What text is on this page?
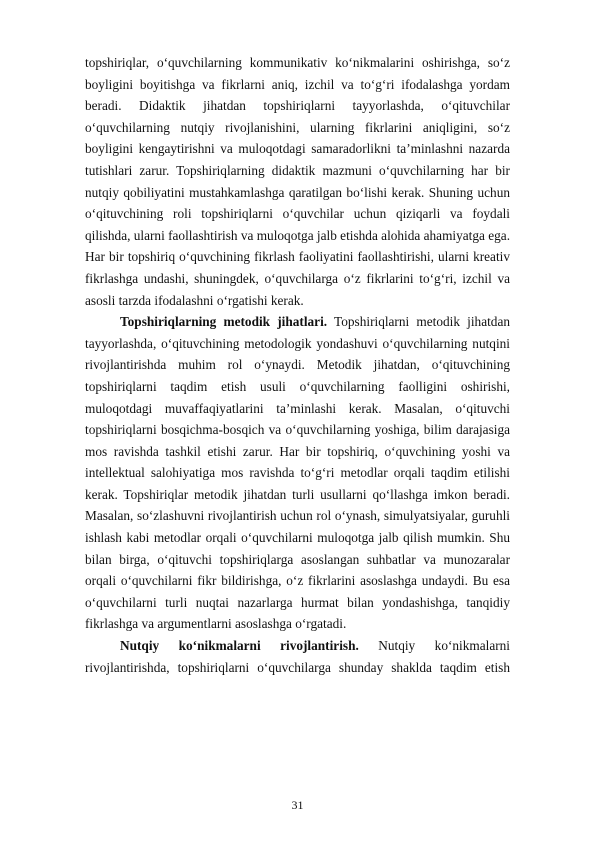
topshiriqlar, o‘quvchilarning kommunikativ ko‘nikmalarini oshirishga, so‘z boyligini boyitishga va fikrlarni aniq, izchil va to‘g‘ri ifodalashga yordam beradi. Didaktik jihatdan topshiriqlarni tayyorlashda, o‘qituvchilar o‘quvchilarning nutqiy rivojlanishini, ularning fikrlarini aniqligini, so‘z boyligini kengaytirishni va muloqotdagi samaradorlikni ta’minlashni nazarda tutishlari zarur. Topshiriqlarning didaktik mazmuni o‘quvchilarning har bir nutqiy qobiliyatini mustahkamlashga qaratilgan bo‘lishi kerak. Shuning uchun o‘qituvchining roli topshiriqlarni o‘quvchilar uchun qiziqarli va foydali qilishda, ularni faollashtirish va muloqotga jalb etishda alohida ahamiyatga ega. Har bir topshiriq o‘quvchining fikrlash faoliyatini faollashtirishi, ularni kreativ fikrlashga undashi, shuningdek, o‘quvchilarga o‘z fikrlarini to‘g‘ri, izchil va asosli tarzda ifodalashni o‘rgatishi kerak.

Topshiriqlarning metodik jihatlari. Topshiriqlarni metodik jihatdan tayyorlashda, o‘qituvchining metodologik yondashuvi o‘quvchilarning nutqini rivojlantirishda muhim rol o‘ynaydi. Metodik jihatdan, o‘qituvchining topshiriqlarni taqdim etish usuli o‘quvchilarning faolligini oshirishi, muloqotdagi muvaffaqiyatlarini ta’minlashi kerak. Masalan, o‘qituvchi topshiriqlarni bosqichma-bosqich va o‘quvchilarning yoshiga, bilim darajasiga mos ravishda tashkil etishi zarur. Har bir topshiriq, o‘quvchining yoshi va intellektual salohiyatiga mos ravishda to‘g‘ri metodlar orqali taqdim etilishi kerak. Topshiriqlar metodik jihatdan turli usullarni qo‘llashga imkon beradi. Masalan, so‘zlashuvni rivojlantirish uchun rol o‘ynash, simulyatsiyalar, guruhli ishlash kabi metodlar orqali o‘quvchilarni muloqotga jalb qilish mumkin. Shu bilan birga, o‘qituvchi topshiriqlarga asoslangan suhbatlar va munozaralar orqali o‘quvchilarni fikr bildirishga, o‘z fikrlarini asoslashga undaydi. Bu esa o‘quvchilarni turli nuqtai nazarlarga hurmat bilan yondashishga, tanqidiy fikrlashga va argumentlarni asoslashga o‘rgatadi.

Nutqiy ko‘nikmalarni rivojlantirish. Nutqiy ko‘nikmalarni rivojlantirishda, topshiriqlarni o‘quvchilarga shunday shaklda taqdim etish

31
